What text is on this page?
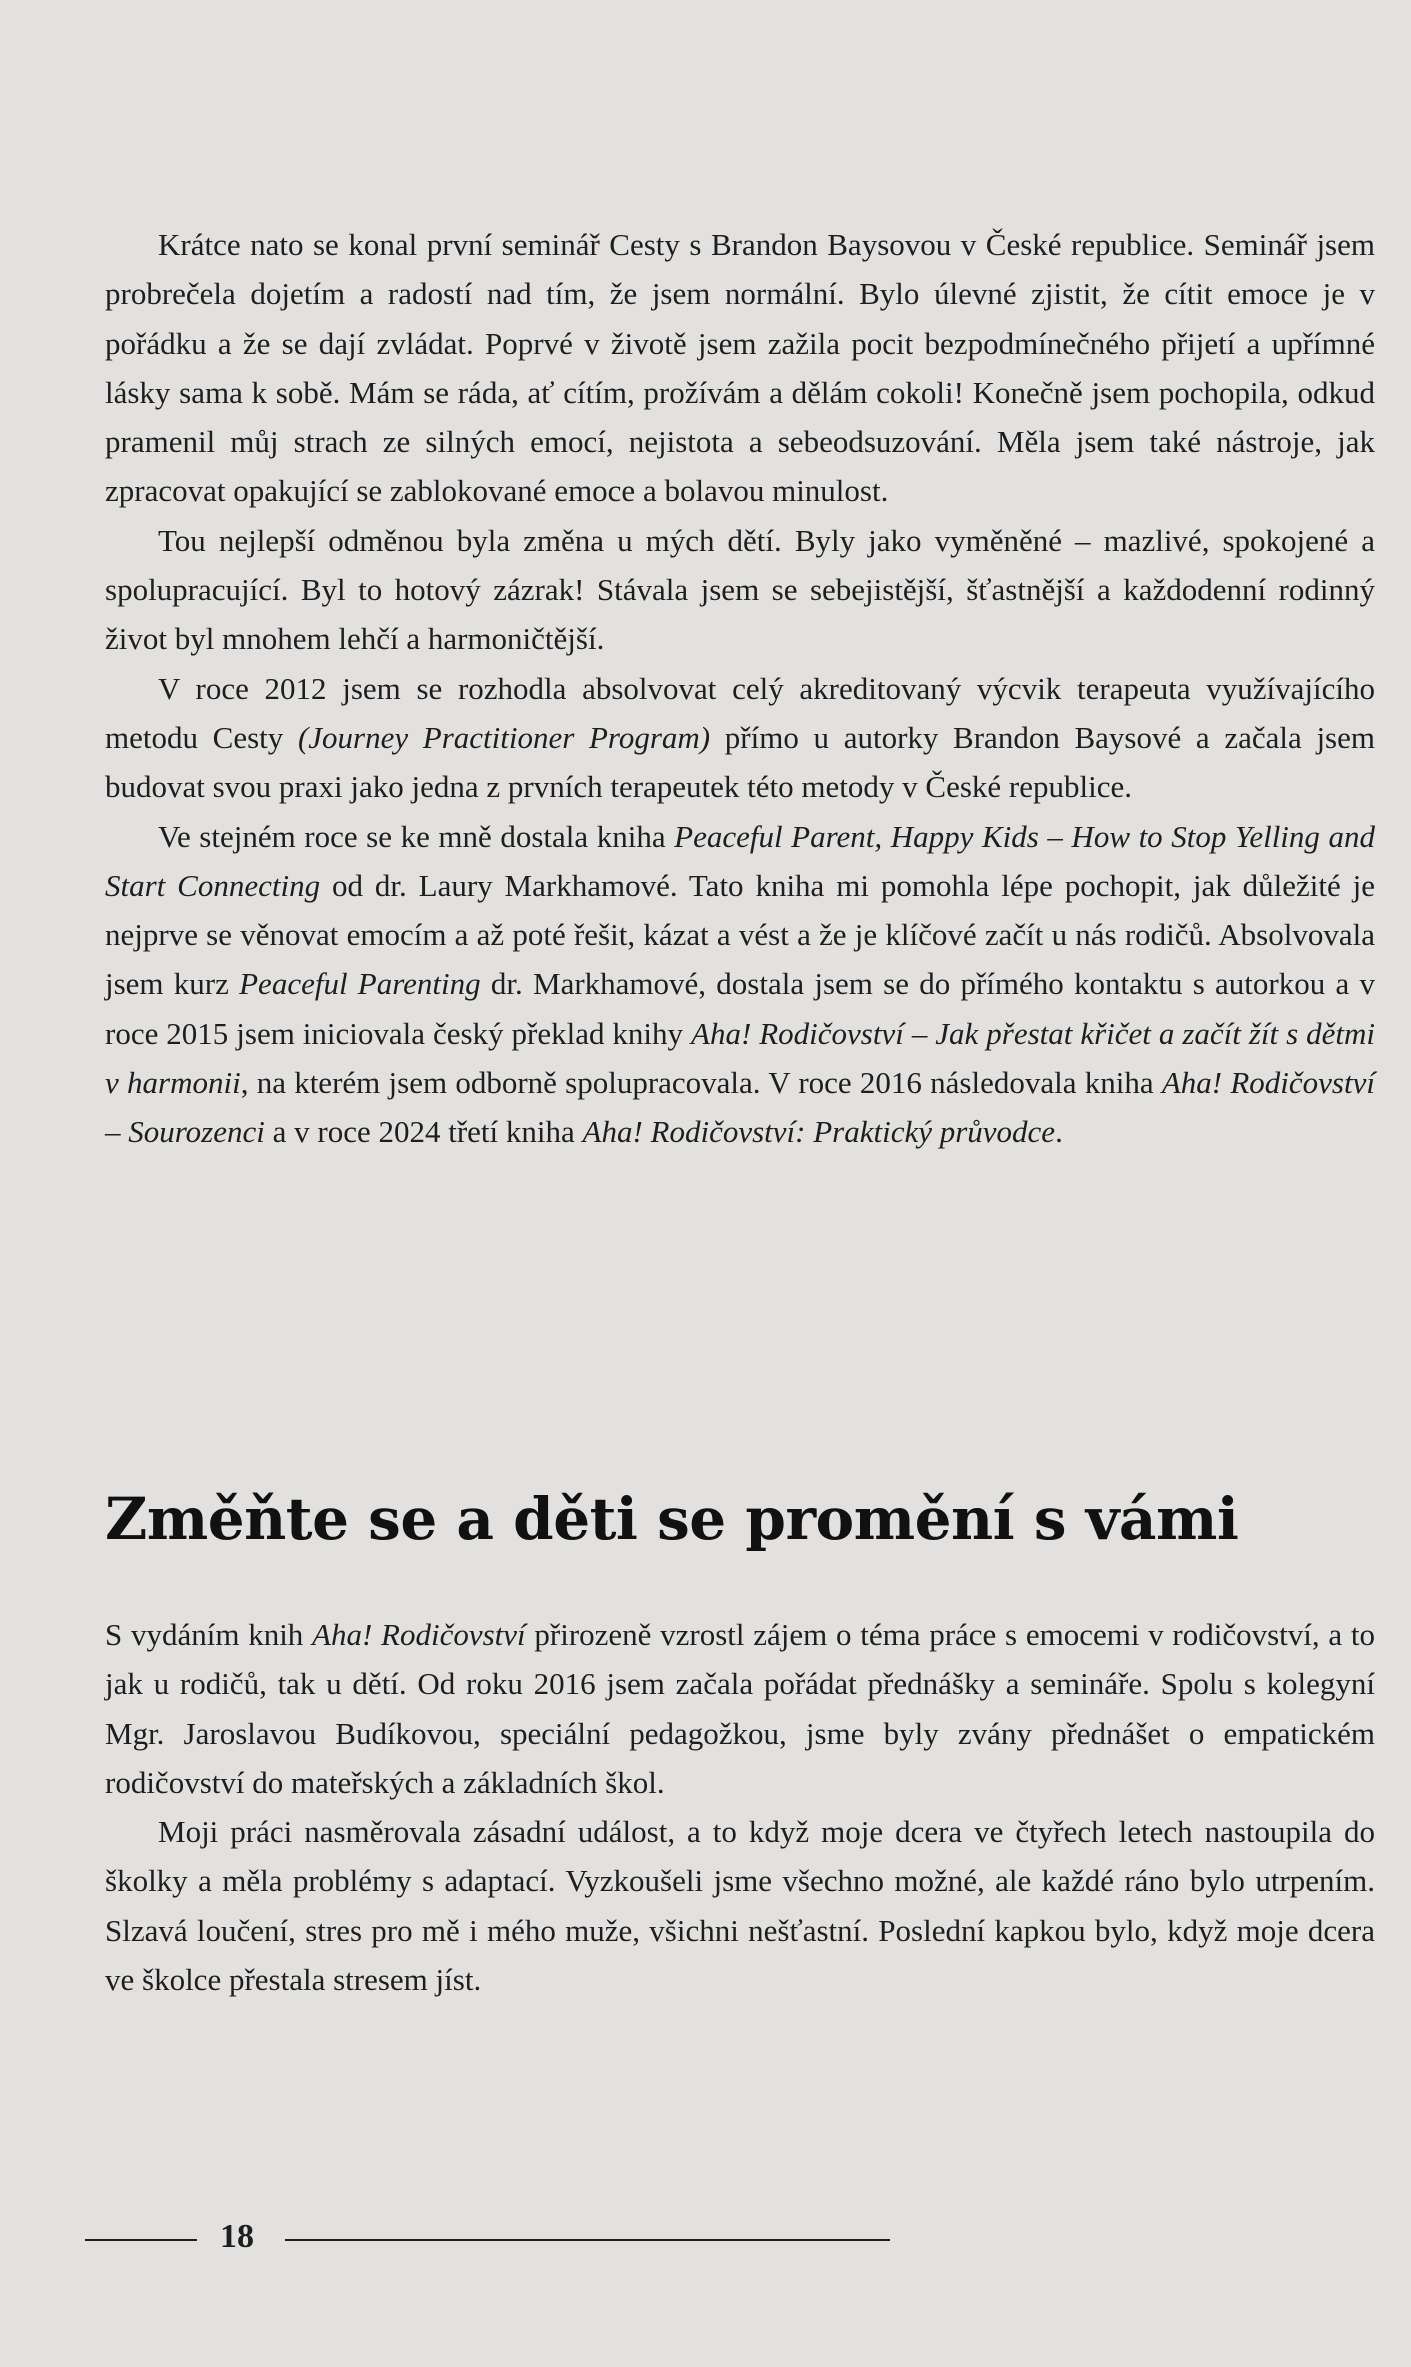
Krátce nato se konal první seminář Cesty s Brandon Baysovou v České republice. Seminář jsem probrečela dojetím a radostí nad tím, že jsem normální. Bylo úlevné zjistit, že cítit emoce je v pořádku a že se dají zvládat. Poprvé v životě jsem zažila pocit bezpodmínečného přijetí a upřímné lásky sama k sobě. Mám se ráda, ať cítím, prožívám a dělám cokoli! Konečně jsem pochopila, odkud pramenil můj strach ze silných emocí, nejistota a sebeodsuzování. Měla jsem také nástroje, jak zpracovat opakující se zablokované emoce a bolavou minulost.

Tou nejlepší odměnou byla změna u mých dětí. Byly jako vyměněné – mazlivé, spokojené a spolupracující. Byl to hotový zázrak! Stávala jsem se sebejistější, šťastnější a každodenní rodinný život byl mnohem lehčí a harmoničtější.

V roce 2012 jsem se rozhodla absolvovat celý akreditovaný výcvik terapeuta využívajícího metodu Cesty (Journey Practitioner Program) přímo u autorky Brandon Baysové a začala jsem budovat svou praxi jako jedna z prvních terapeutek této metody v České republice.

Ve stejném roce se ke mně dostala kniha Peaceful Parent, Happy Kids – How to Stop Yelling and Start Connecting od dr. Laury Markhamové. Tato kniha mi pomohla lépe pochopit, jak důležité je nejprve se věnovat emocím a až poté řešit, kázat a vést a že je klíčové začít u nás rodičů. Absolvovala jsem kurz Peaceful Parenting dr. Markhamové, dostala jsem se do přímého kontaktu s autorkou a v roce 2015 jsem iniciovala český překlad knihy Aha! Rodičovství – Jak přestat křičet a začít žít s dětmi v harmonii, na kterém jsem odborně spolupracovala. V roce 2016 následovala kniha Aha! Rodičovství – Sourozenci a v roce 2024 třetí kniha Aha! Rodičovství: Praktický průvodce.

Změňte se a děti se promění s vámi

S vydáním knih Aha! Rodičovství přirozeně vzrostl zájem o téma práce s emocemi v rodičovství, a to jak u rodičů, tak u dětí. Od roku 2016 jsem začala pořádat přednášky a semináře. Spolu s kolegyní Mgr. Jaroslavou Budíkovou, speciální pedagožkou, jsme byly zvány přednášet o empatickém rodičovství do mateřských a základních škol.

Moji práci nasměrovala zásadní událost, a to když moje dcera ve čtyřech letech nastoupila do školky a měla problémy s adaptací. Vyzkoušeli jsme všechno možné, ale každé ráno bylo utrpením. Slzavá loučení, stres pro mě i mého muže, všichni nešťastní. Poslední kapkou bylo, když moje dcera ve školce přestala stresem jíst.

18
